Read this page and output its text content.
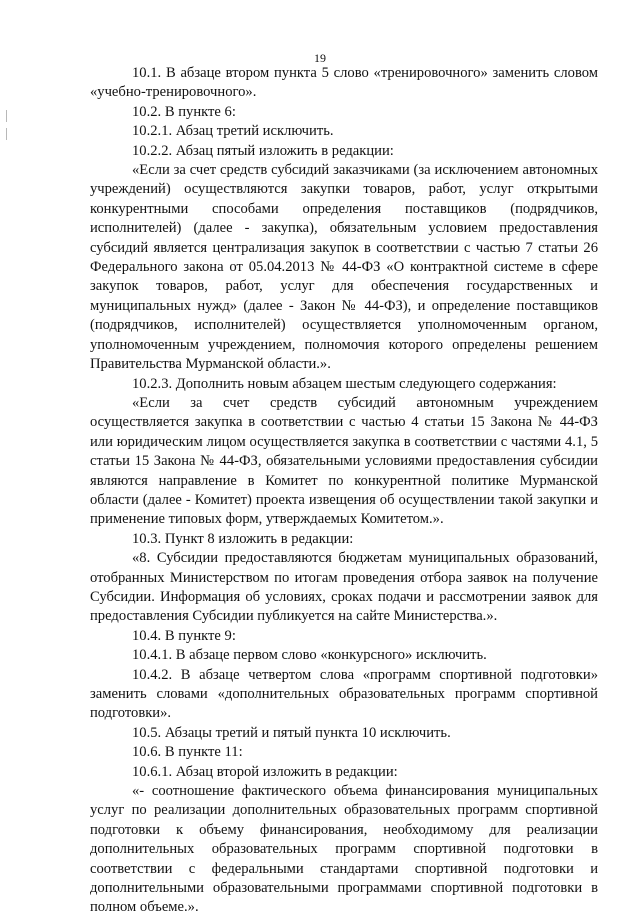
19

10.1. В абзаце втором пункта 5 слово «тренировочного» заменить словом «учебно-тренировочного».

10.2. В пункте 6:

10.2.1. Абзац третий исключить.

10.2.2. Абзац пятый изложить в редакции:

«Если за счет средств субсидий заказчиками (за исключением автономных учреждений) осуществляются закупки товаров, работ, услуг открытыми конкурентными способами определения поставщиков (подрядчиков, исполнителей) (далее - закупка), обязательным условием предоставления субсидий является централизация закупок в соответствии с частью 7 статьи 26 Федерального закона от 05.04.2013 № 44-ФЗ «О контрактной системе в сфере закупок товаров, работ, услуг для обеспечения государственных и муниципальных нужд» (далее - Закон № 44-ФЗ), и определение поставщиков (подрядчиков, исполнителей) осуществляется уполномоченным органом, уполномоченным учреждением, полномочия которого определены решением Правительства Мурманской области.».

10.2.3. Дополнить новым абзацем шестым следующего содержания:

«Если за счет средств субсидий автономным учреждением осуществляется закупка в соответствии с частью 4 статьи 15 Закона № 44-ФЗ или юридическим лицом осуществляется закупка в соответствии с частями 4.1, 5 статьи 15 Закона № 44-ФЗ, обязательными условиями предоставления субсидии являются направление в Комитет по конкурентной политике Мурманской области (далее - Комитет) проекта извещения об осуществлении такой закупки и применение типовых форм, утверждаемых Комитетом.».

10.3. Пункт 8 изложить в редакции:

«8. Субсидии предоставляются бюджетам муниципальных образований, отобранных Министерством по итогам проведения отбора заявок на получение Субсидии. Информация об условиях, сроках подачи и рассмотрении заявок для предоставления Субсидии публикуется на сайте Министерства.».

10.4. В пункте 9:

10.4.1. В абзаце первом слово «конкурсного» исключить.

10.4.2. В абзаце четвертом слова «программ спортивной подготовки» заменить словами «дополнительных образовательных программ спортивной подготовки».

10.5. Абзацы третий и пятый пункта 10 исключить.

10.6. В пункте 11:

10.6.1. Абзац второй изложить в редакции:

«- соотношение фактического объема финансирования муниципальных услуг по реализации дополнительных образовательных программ спортивной подготовки к объему финансирования, необходимому для реализации дополнительных образовательных программ спортивной подготовки в соответствии с федеральными стандартами спортивной подготовки и дополнительными образовательными программами спортивной подготовки в полном объеме.».
